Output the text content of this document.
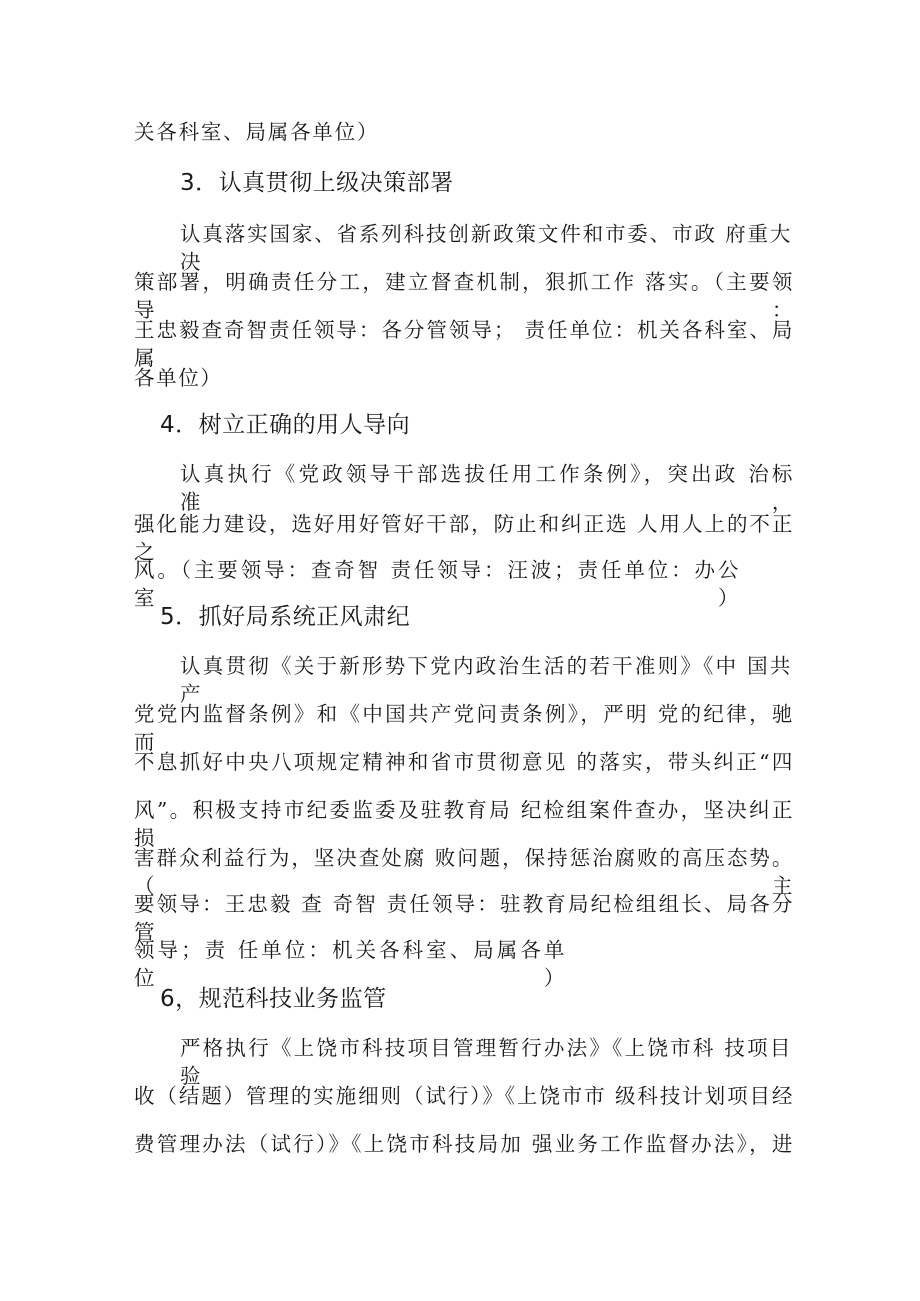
关各科室、局属各单位）
3．认真贯彻上级决策部署
认真落实国家、省系列科技创新政策文件和市委、市政 府重大决
策部署，明确责任分工，建立督查机制，狠抓工作 落实。（主要领导：
王忠毅查奇智责任领导：各分管领导； 责任单位：机关各科室、局属
各单位）
4．树立正确的用人导向
认真执行《党政领导干部选拔任用工作条例》，突出政 治标准，
强化能力建设，选好用好管好干部，防止和纠正选 人用人上的不正之
风。（主要领导：查奇智 责任领导：汪波；责任单位：办公室）
5．抓好局系统正风肃纪
认真贯彻《关于新形势下党内政治生活的若干准则》《中 国共产
党党内监督条例》和《中国共产党问责条例》，严明 党的纪律，驰而
不息抓好中央八项规定精神和省市贯彻意见 的落实，带头纠正“四
风”。积极支持市纪委监委及驻教育局 纪检组案件查办，坚决纠正损
害群众利益行为，坚决查处腐 败问题，保持惩治腐败的高压态势。（主
要领导：王忠毅 查 奇智 责任领导：驻教育局纪检组组长、局各分管
领导；责 任单位：机关各科室、局属各单位）
6，规范科技业务监管
严格执行《上饶市科技项目管理暂行办法》《上饶市科 技项目验
收（结题）管理的实施细则（试行）》《上饶市市 级科技计划项目经
费管理办法（试行）》《上饶市科技局加 强业务工作监督办法》，进
